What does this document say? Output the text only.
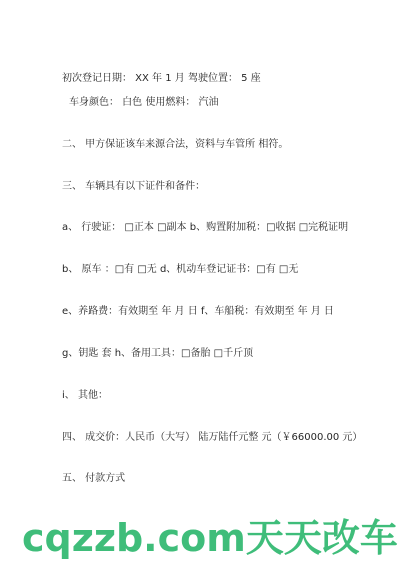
初次登记日期： XX 年 1 月 驾驶位置： 5 座
车身颜色： 白色 使用燃料： 汽油
二、 甲方保证该车来源合法，资料与车管所 相符。
三、 车辆具有以下证件和备件：
a、 行驶证： □正本 □副本 b、购置附加税：□收据 □完税证明
b、 原车 ：□有 □无 d、机动车登记证书：□有 □无
e、养路费：有效期至 年 月 日 f、车船税：有效期至 年 月 日
g、钥匙 套 h、备用工具：□备胎 □千斤顶
i、 其他：
四、 成交价：人民币（大写） 陆万陆仟元整 元（￥66000.00 元）
五、 付款方式
cqzzb.com天天改车
